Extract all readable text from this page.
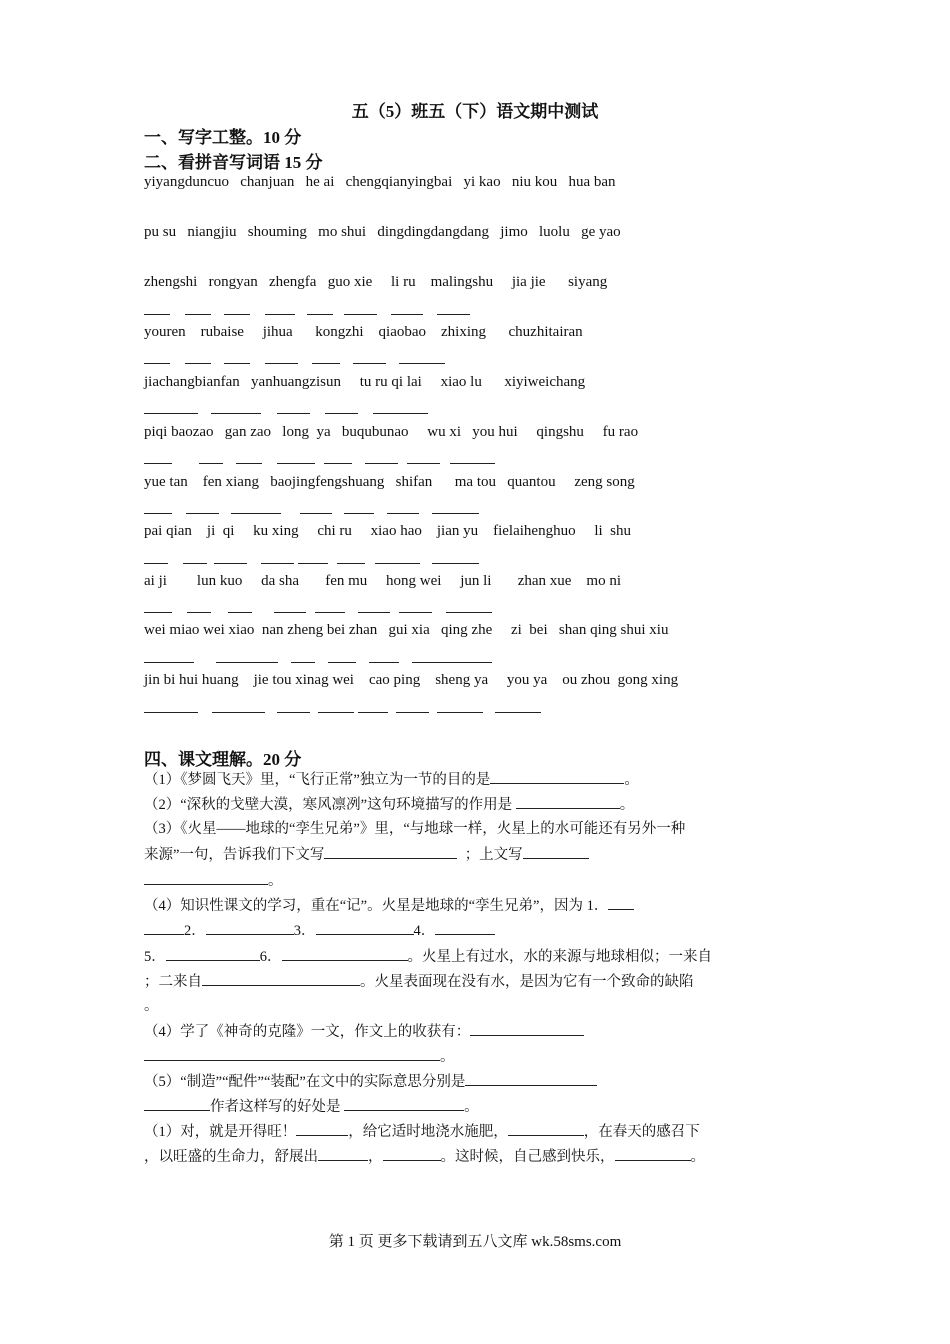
五（5）班五（下）语文期中测试
一、写字工整。10 分
二、看拼音写词语 15 分
yiyangduncuo   chanjuan   he ai   chengqianyingbai   yi kao   niu kou   hua ban
pu su   niangjiu   shouming   mo shui   dingdingdangdang   jimo   luolu   ge yao
zhengshi   rongyan   zhengfa   guo xie     li ru    malingshu     jia jie      siyang
youren    rubaise     jihua      kongzhi    qiaobao    zhixing      chuzhitairan
jiachangbianfan   yanhuangzisun     tu ru qi lai     xiao lu      xiyiweichang
piqi baozao   gan zao   long  ya   buqubunao     wu xi   you hui     qingshu     fu rao
yue tan    fen xiang   baojingfengshuang   shifan      ma tou   quantou     zeng song
pai qian    ji  qi     ku xing     chi ru     xiao hao    jian yu    fielaihenghuo     li  shu
ai ji        lun kuo     da sha       fen mu     hong wei     jun li       zhan xue    mo ni
wei miao wei xiao  nan zheng bei zhan   gui xia   qing zhe     zi  bei   shan qing shui xiu
jin bi hui huang    jie tou xinag wei    cao ping    sheng ya     you ya    ou zhou  gong xing
四、课文理解。20 分
（1）《梦圆飞天》里，“飞行正常”独立为一节的目的是	。
（2）“深秋的戈壁大漠，寒风凛冽”这句环境描写的作用是	。
（3）《火星——地球的“孪生兄弟”》里，“与地球一样，火星上的水可能还有另外一种
来源”一句，告诉我们下文写	；上文写
。
（4）知识性课文的学习，重在“记”。火星是地球的“孪生兄弟”，因为 1．
2．	3．	4．
5．	6．	。火星上有过水，水的来源与地球相似；一来自
；二来自	。火星表面现在没有水，是因为它有一个致命的缺陷
。
（4）学了《神奇的克隆》一文，作文上的收获有：
。
（5）“制造”“配件”“装配”在文中的实际意思分别是
作者这样写的好处是	。
（1）对，就是开得旺！	，给它适时地浇水施肥，	，在春天的感召下
，以旺盛的生命力，舒展出	，	。这时候，自己感到快乐，	。
第 1 页 更多下载请到五八文库 wk.58sms.com
